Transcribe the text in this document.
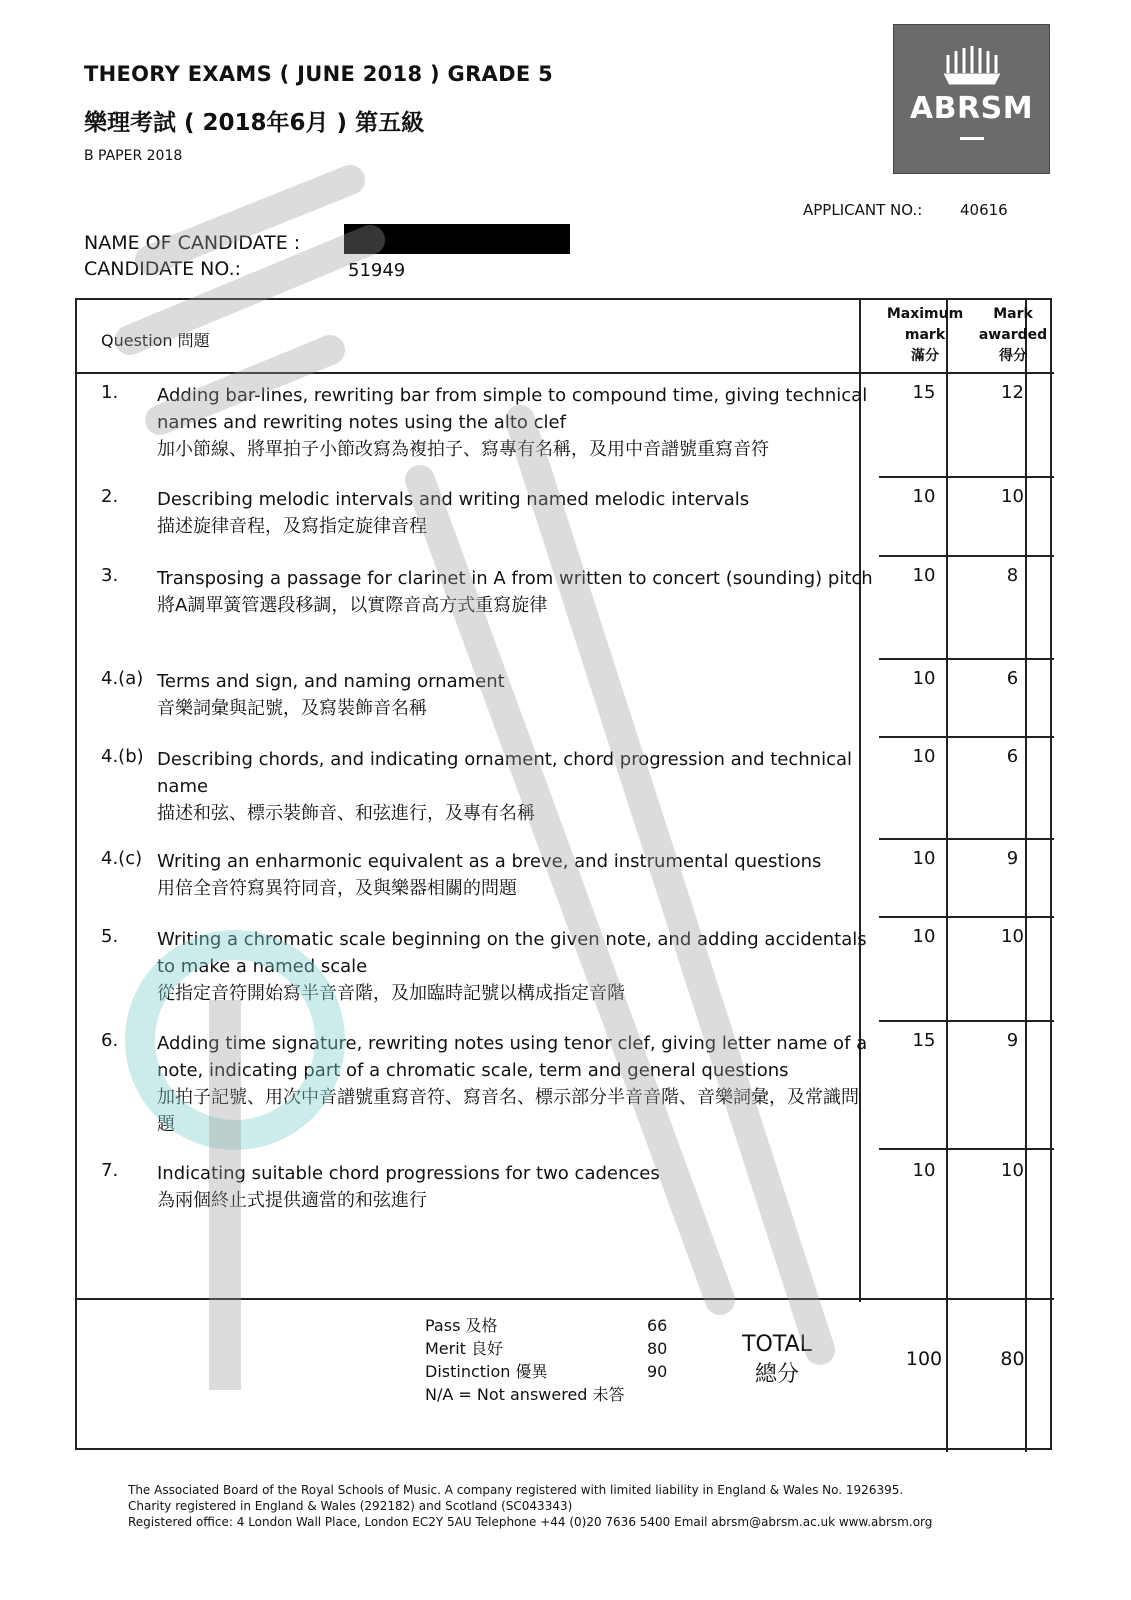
THEORY EXAMS ( JUNE 2018 ) GRADE 5
樂理考試 ( 2018年6月 ) 第五級
B PAPER 2018
ABRSM
APPLICANT NO.:	40616
NAME OF CANDIDATE :
CANDIDATE NO.:	51949
Question 問題
Maximum
mark
滿分
Mark
awarded
得分
1. Adding bar-lines, rewriting bar from simple to compound time, giving technical names and rewriting notes using the alto clef
加小節線、將單拍子小節改寫為複拍子、寫專有名稱，及用中音譜號重寫音符
15	12
2. Describing melodic intervals and writing named melodic intervals
描述旋律音程，及寫指定旋律音程
10	10
3. Transposing a passage for clarinet in A from written to concert (sounding) pitch
將A調單簧管選段移調，以實際音高方式重寫旋律
10	8
4.(a) Terms and sign, and naming ornament
音樂詞彙與記號，及寫裝飾音名稱
10	6
4.(b) Describing chords, and indicating ornament, chord progression and technical name
描述和弦、標示裝飾音、和弦進行，及專有名稱
10	6
4.(c) Writing an enharmonic equivalent as a breve, and instrumental questions
用倍全音符寫異符同音，及與樂器相關的問題
10	9
5. Writing a chromatic scale beginning on the given note, and adding accidentals to make a named scale
從指定音符開始寫半音音階，及加臨時記號以構成指定音階
10	10
6. Adding time signature, rewriting notes using tenor clef, giving letter name of a note, indicating part of a chromatic scale, term and general questions
加拍子記號、用次中音譜號重寫音符、寫音名、標示部分半音音階、音樂詞彙，及常識問題
15	9
7. Indicating suitable chord progressions for two cadences
為兩個終止式提供適當的和弦進行
10	10
Pass 及格	66
Merit 良好	80
Distinction 優異	90
N/A = Not answered 未答
TOTAL
總分
100	80
The Associated Board of the Royal Schools of Music. A company registered with limited liability in England & Wales No. 1926395.
Charity registered in England & Wales (292182) and Scotland (SC043343)
Registered office: 4 London Wall Place, London EC2Y 5AU Telephone +44 (0)20 7636 5400 Email abrsm@abrsm.ac.uk www.abrsm.org
